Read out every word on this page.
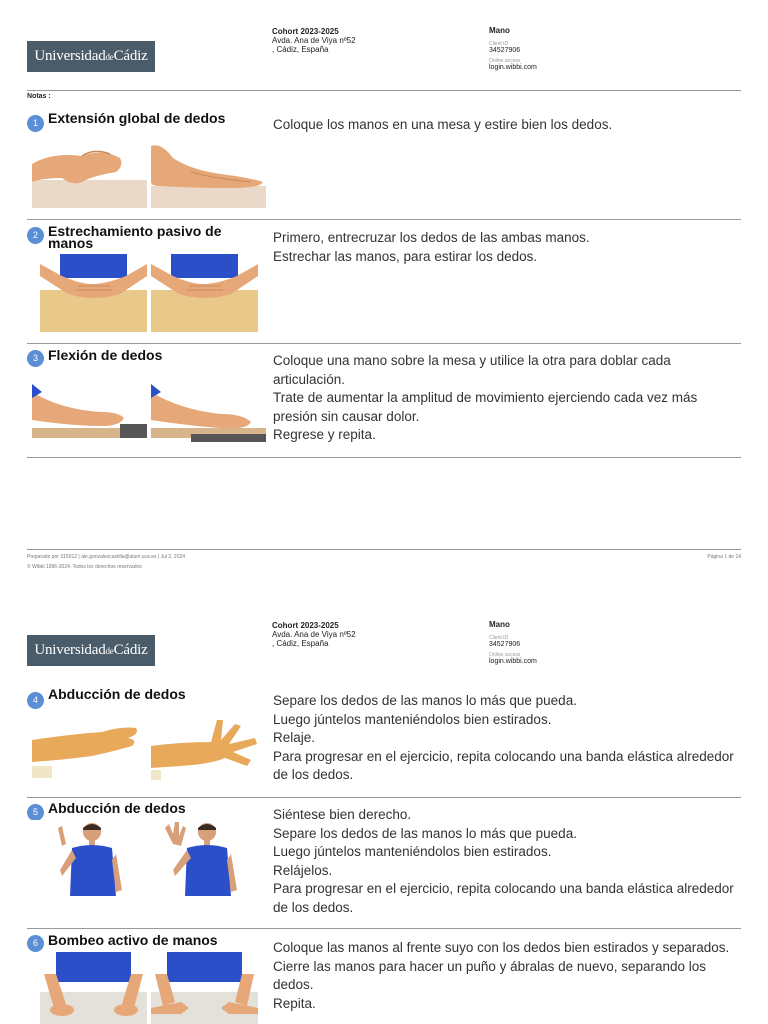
UniversidaddeCádiz
Cohort 2023-2025
Avda. Ana de Viya nº52
, Cádiz, España
Mano
Client ID
34527906
Online access
login.wibbi.com
Notas :
1 Extensión global de dedos	Coloque los manos en una mesa y estire bien los dedos.
2 Estrechamiento pasivo de manos	Primero, entrecruzar los dedos de las ambas manos.
Estrechar las manos, para estirar los dedos.
3 Flexión de dedos	Coloque una mano sobre la mesa y utilice la otra para doblar cada articulación.
Trate de aumentar la amplitud de movimiento ejerciendo cada vez más presión sin causar dolor.
Regrese y repita.
Preparado por 315012 | ale.gonzalezcastilla@alum.uca.es | Jul 2, 2024
© Wibbi 1996-2024. Todos los derechos reservados
Página 1 de 14
UniversidaddeCádiz
Cohort 2023-2025
Avda. Ana de Viya nº52
, Cádiz, España
Mano
Client ID
34527906
Online access
login.wibbi.com
4 Abducción de dedos	Separe los dedos de las manos lo más que pueda.
Luego júntelos manteniéndolos bien estirados.
Relaje.
Para progresar en el ejercicio, repita colocando una banda elástica alrededor de los dedos.
5 Abducción de dedos	Siéntese bien derecho.
Separe los dedos de las manos lo más que pueda.
Luego júntelos manteniéndolos bien estirados.
Relájelos.
Para progresar en el ejercicio, repita colocando una banda elástica alrededor de los dedos.
6 Bombeo activo de manos	Coloque las manos al frente suyo con los dedos bien estirados y separados.
Cierre las manos para hacer un puño y ábralas de nuevo, separando los dedos.
Repita.
